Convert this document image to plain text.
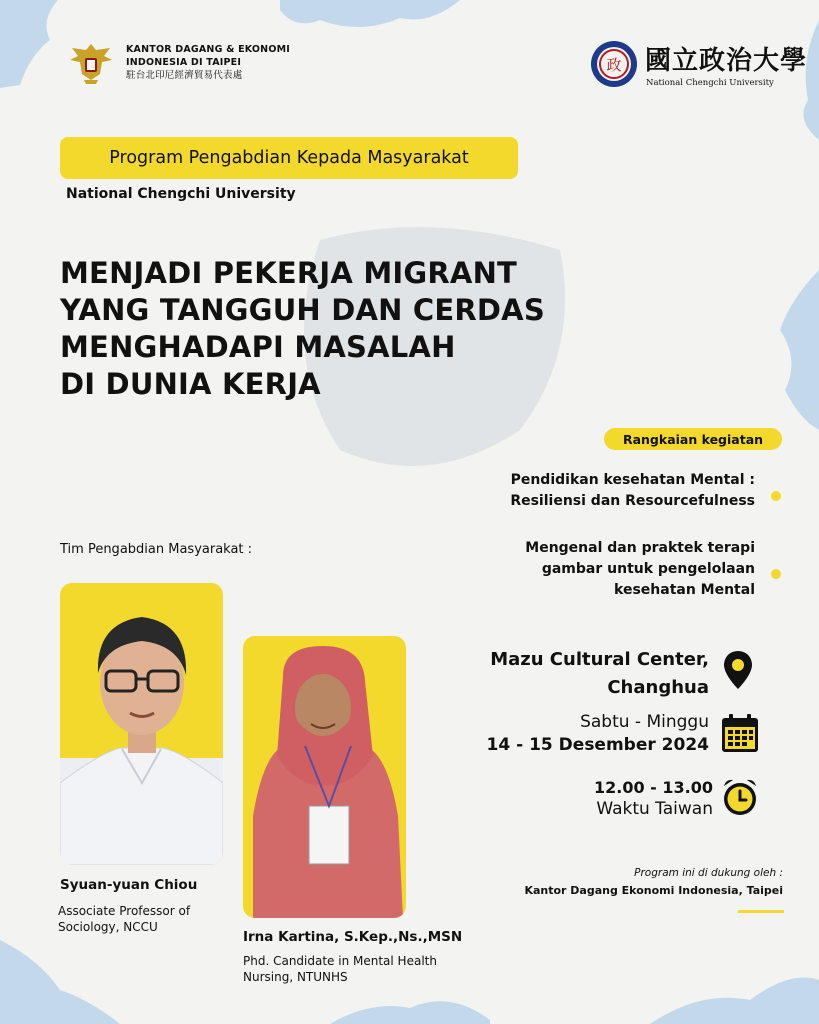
KANTOR DAGANG & EKONOMI
INDONESIA DI TAIPEI
駐台北印尼經濟貿易代表處
政 國立政治大學
National Chengchi University
Program Pengabdian Kepada Masyarakat
National Chengchi University
MENJADI PEKERJA MIGRANT
YANG TANGGUH DAN CERDAS
MENGHADAPI MASALAH
DI DUNIA KERJA
Rangkaian kegiatan
Pendidikan kesehatan Mental :
Resiliensi dan Resourcefulness
Mengenal dan praktek terapi
gambar untuk pengelolaan
kesehatan Mental
Mazu Cultural Center,
Changhua
Sabtu - Minggu
14 - 15 Desember 2024
12.00 - 13.00
Waktu Taiwan
Program ini di dukung oleh :
Kantor Dagang Ekonomi Indonesia, Taipei
Tim Pengabdian Masyarakat :
Syuan-yuan Chiou
Associate Professor of
Sociology, NCCU
Irna Kartina, S.Kep.,Ns.,MSN
Phd. Candidate in Mental Health
Nursing, NTUNHS
